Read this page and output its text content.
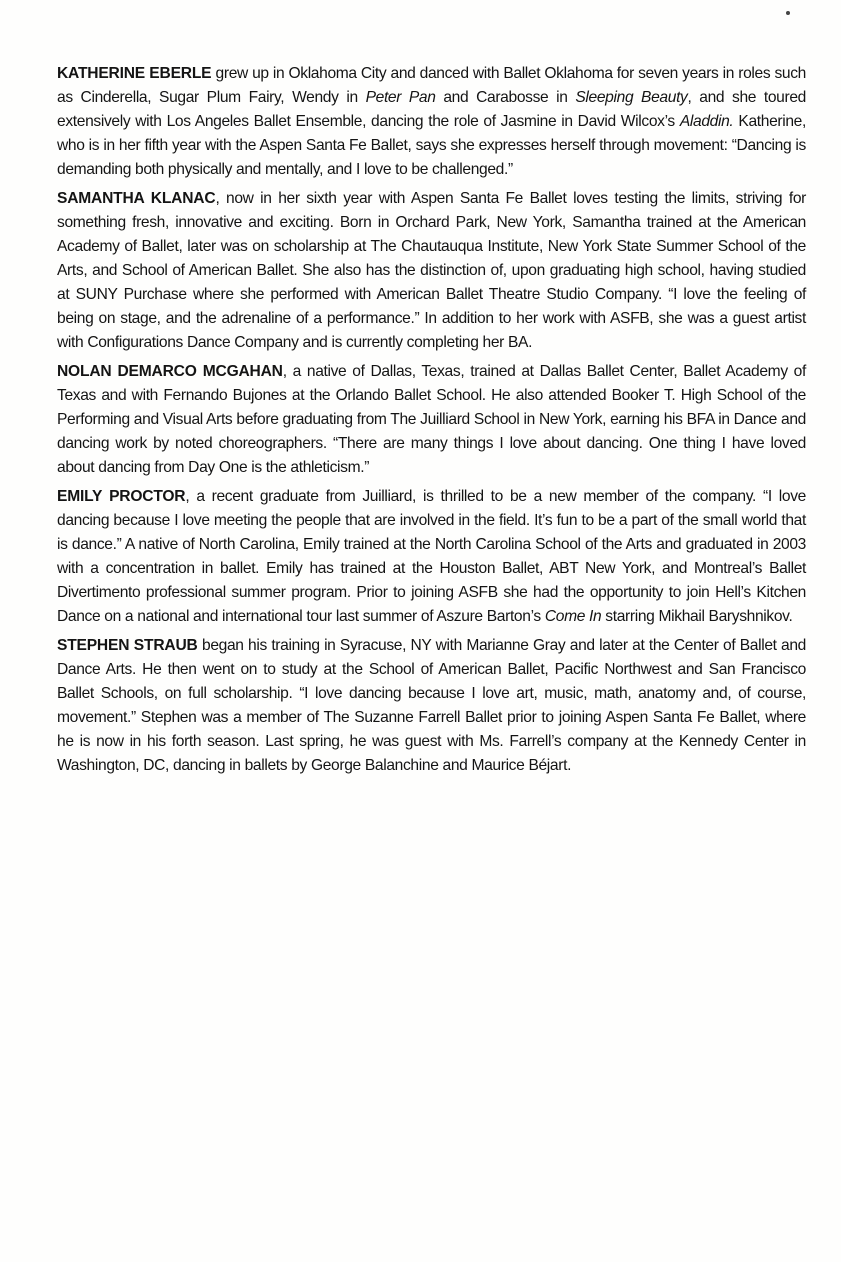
KATHERINE EBERLE grew up in Oklahoma City and danced with Ballet Oklahoma for seven years in roles such as Cinderella, Sugar Plum Fairy, Wendy in Peter Pan and Carabosse in Sleeping Beauty, and she toured extensively with Los Angeles Ballet Ensemble, dancing the role of Jasmine in David Wilcox’s Aladdin. Katherine, who is in her fifth year with the Aspen Santa Fe Ballet, says she expresses herself through movement: “Dancing is demanding both physically and mentally, and I love to be challenged.”

SAMANTHA KLANAC, now in her sixth year with Aspen Santa Fe Ballet loves testing the limits, striving for something fresh, innovative and exciting. Born in Orchard Park, New York, Samantha trained at the American Academy of Ballet, later was on scholarship at The Chautauqua Institute, New York State Summer School of the Arts, and School of American Ballet. She also has the distinction of, upon graduating high school, having studied at SUNY Purchase where she performed with American Ballet Theatre Studio Company. “I love the feeling of being on stage, and the adrenaline of a performance.” In addition to her work with ASFB, she was a guest artist with Configurations Dance Company and is currently completing her BA.

NOLAN DEMARCO MCGAHAN, a native of Dallas, Texas, trained at Dallas Ballet Center, Ballet Academy of Texas and with Fernando Bujones at the Orlando Ballet School. He also attended Booker T. High School of the Performing and Visual Arts before graduating from The Juilliard School in New York, earning his BFA in Dance and dancing work by noted choreographers. “There are many things I love about dancing. One thing I have loved about dancing from Day One is the athleticism.”

EMILY PROCTOR, a recent graduate from Juilliard, is thrilled to be a new member of the company. “I love dancing because I love meeting the people that are involved in the field. It’s fun to be a part of the small world that is dance.” A native of North Carolina, Emily trained at the North Carolina School of the Arts and graduated in 2003 with a concentration in ballet. Emily has trained at the Houston Ballet, ABT New York, and Montreal’s Ballet Divertimento professional summer program. Prior to joining ASFB she had the opportunity to join Hell’s Kitchen Dance on a national and international tour last summer of Aszure Barton’s Come In starring Mikhail Baryshnikov.

STEPHEN STRAUB began his training in Syracuse, NY with Marianne Gray and later at the Center of Ballet and Dance Arts. He then went on to study at the School of American Ballet, Pacific Northwest and San Francisco Ballet Schools, on full scholarship. “I love dancing because I love art, music, math, anatomy and, of course, movement.” Stephen was a member of The Suzanne Farrell Ballet prior to joining Aspen Santa Fe Ballet, where he is now in his forth season. Last spring, he was guest with Ms. Farrell’s company at the Kennedy Center in Washington, DC, dancing in ballets by George Balanchine and Maurice Béjart.
